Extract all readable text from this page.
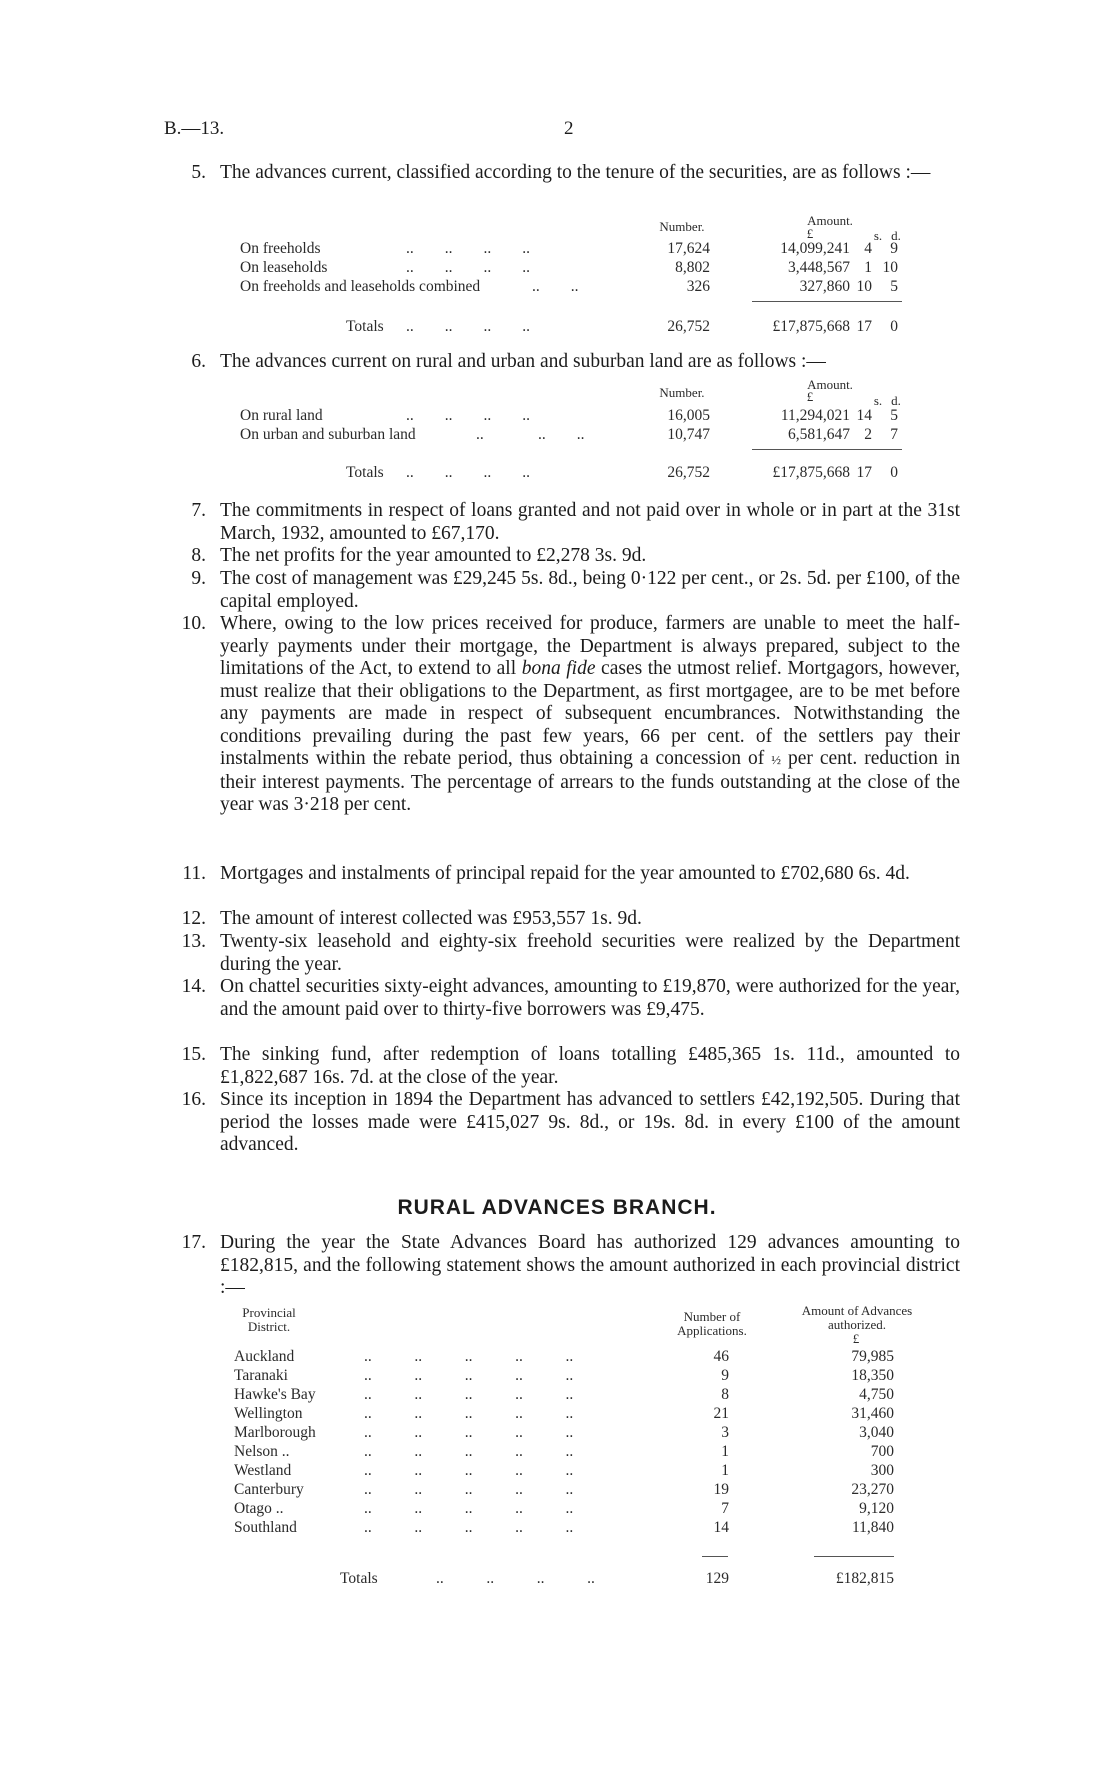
B.—13.	2
5. The advances current, classified according to the tenure of the securities, are as follows :—
Number.	Amount.
£	s. d.
On freeholds	..        ..        ..        ..	17,624	14,099,241 4	9
On leaseholds	..        ..        ..        ..	8,802	3,448,567 1 10
On freeholds and leaseholds combined	..        ..	326	327,860 10	5
Totals ..        ..        ..        ..	26,752	£17,875,668 17	0
6. The advances current on rural and urban and suburban land are as follows :—
Number.
Amount.
£	s. d.
On rural land	..        ..        ..        ..	16,005	11,294,021 14	5
On urban and suburban land	..              ..        ..	10,747	6,581,647 2	7
Totals ..        ..        ..        ..	26,752	£17,875,668 17	0
7. The commitments in respect of loans granted and not paid over in whole or in part at the 31st March, 1932, amounted to £67,170.
8. The net profits for the year amounted to £2,278 3s. 9d.
9. The cost of management was £29,245 5s. 8d., being 0·122 per cent., or 2s. 5d. per £100, of the capital employed.
10. Where, owing to the low prices received for produce, farmers are unable to meet the half-yearly payments under their mortgage, the Department is always prepared, subject to the limitations of the Act, to extend to all bona fide cases the utmost relief. Mortgagors, however, must realize that their obligations to the Department, as first mortgagee, are to be met before any payments are made in respect of subsequent encumbrances. Notwithstanding the conditions prevailing during the past few years, 66 per cent. of the settlers pay their instalments within the rebate period, thus obtaining a concession of ½ per cent. reduction in their interest payments. The percentage of arrears to the funds outstanding at the close of the year was 3·218 per cent.
11. Mortgages and instalments of principal repaid for the year amounted to £702,680 6s. 4d.
12. The amount of interest collected was £953,557 1s. 9d.
13. Twenty-six leasehold and eighty-six freehold securities were realized by the Department during the year.
14. On chattel securities sixty-eight advances, amounting to £19,870, were authorized for the year, and the amount paid over to thirty-five borrowers was £9,475.
15. The sinking fund, after redemption of loans totalling £485,365 1s. 11d., amounted to £1,822,687 16s. 7d. at the close of the year.
16. Since its inception in 1894 the Department has advanced to settlers £42,192,505. During that period the losses made were £415,027 9s. 8d., or 19s. 8d. in every £100 of the amount advanced.
RURAL ADVANCES BRANCH.
17. During the year the State Advances Board has authorized 129 advances amounting to £182,815, and the following statement shows the amount authorized in each provincial district :—
Provincial District.
Number of Applications.
Amount of Advances authorized.
£
Auckland	..           ..           ..           ..           ..	46	79,985
Taranaki	..           ..           ..           ..           ..	9	18,350
Hawke's Bay	..           ..           ..           ..           ..	8	4,750
Wellington	..           ..           ..           ..           ..	21	31,460
Marlborough	..           ..           ..           ..           ..	3	3,040
Nelson ..	..           ..           ..           ..           ..	1	700
Westland	..           ..           ..           ..           ..	1	300
Canterbury	..           ..           ..           ..           ..	19	23,270
Otago ..	..           ..           ..           ..           ..	7	9,120
Southland	..           ..           ..           ..           ..	14	11,840
Totals	..           ..           ..           ..	129	£182,815
